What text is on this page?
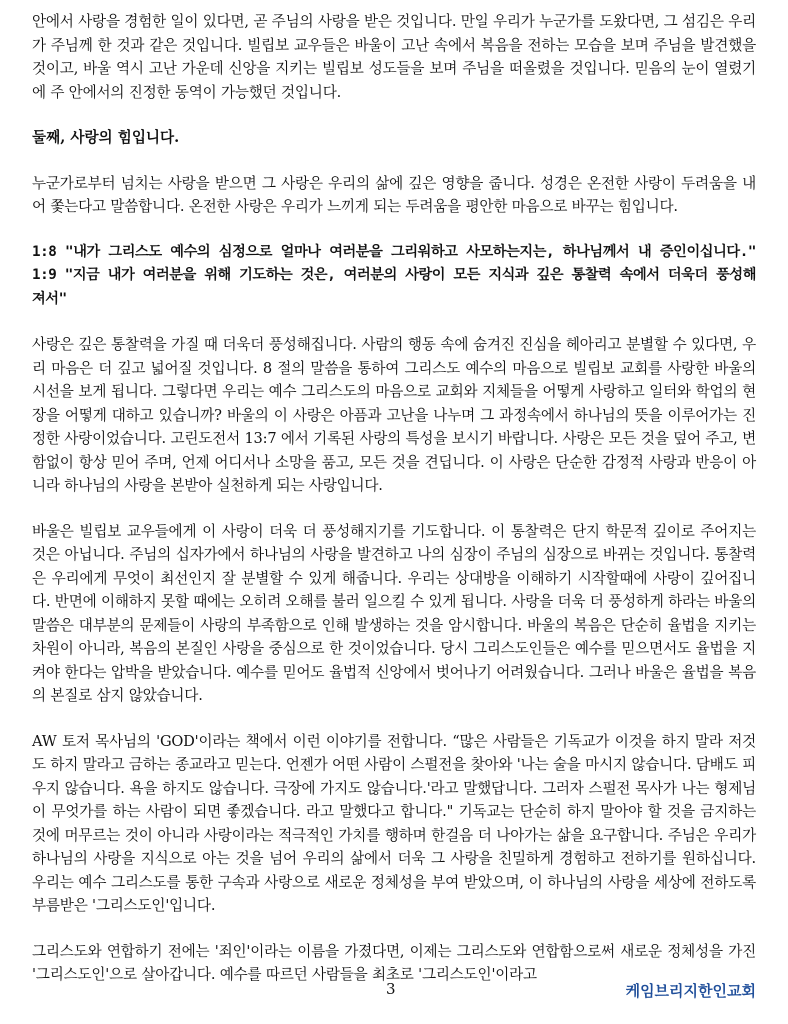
안에서 사랑을 경험한 일이 있다면, 곧 주님의 사랑을 받은 것입니다. 만일 우리가 누군가를 도왔다면, 그 섬김은 우리가 주님께 한 것과 같은 것입니다. 빌립보 교우들은 바울이 고난 속에서 복음을 전하는 모습을 보며 주님을 발견했을 것이고, 바울 역시 고난 가운데 신앙을 지키는 빌립보 성도들을 보며 주님을 떠올렸을 것입니다. 믿음의 눈이 열렸기에 주 안에서의 진정한 동역이 가능했던 것입니다.

둘째, 사랑의 힘입니다.

누군가로부터 넘치는 사랑을 받으면 그 사랑은 우리의 삶에 깊은 영향을 줍니다. 성경은 온전한 사랑이 두려움을 내어 쫓는다고 말씀합니다. 온전한 사랑은 우리가 느끼게 되는 두려움을 평안한 마음으로 바꾸는 힘입니다.

1:8 "내가 그리스도 예수의 심정으로 얼마나 여러분을 그리워하고 사모하는지는, 하나님께서 내 증인이십니다." 1:9 "지금 내가 여러분을 위해 기도하는 것은, 여러분의 사랑이 모든 지식과 깊은 통찰력 속에서 더욱더 풍성해져서"

사랑은 깊은 통찰력을 가질 때 더욱더 풍성해집니다. 사람의 행동 속에 숨겨진 진심을 헤아리고 분별할 수 있다면, 우리 마음은 더 깊고 넓어질 것입니다. 8 절의 말씀을 통하여 그리스도 예수의 마음으로 빌립보 교회를 사랑한 바울의 시선을 보게 됩니다. 그렇다면 우리는 예수 그리스도의 마음으로 교회와 지체들을 어떻게 사랑하고 일터와 학업의 현장을 어떻게 대하고 있습니까? 바울의 이 사랑은 아픔과 고난을 나누며 그 과정속에서 하나님의 뜻을 이루어가는 진정한 사랑이었습니다. 고린도전서 13:7 에서 기록된 사랑의 특성을 보시기 바랍니다. 사랑은 모든 것을 덮어 주고, 변함없이 항상 믿어 주며, 언제 어디서나 소망을 품고, 모든 것을 견딥니다. 이 사랑은 단순한 감정적 사랑과 반응이 아니라 하나님의 사랑을 본받아 실천하게 되는 사랑입니다.

바울은 빌립보 교우들에게 이 사랑이 더욱 더 풍성해지기를 기도합니다. 이 통찰력은 단지 학문적 깊이로 주어지는 것은 아닙니다. 주님의 십자가에서 하나님의 사랑을 발견하고 나의 심장이 주님의 심장으로 바뀌는 것입니다. 통찰력은 우리에게 무엇이 최선인지 잘 분별할 수 있게 해줍니다. 우리는 상대방을 이해하기 시작할때에 사랑이 깊어집니다. 반면에 이해하지 못할 때에는 오히려 오해를 불러 일으킬 수 있게 됩니다. 사랑을 더욱 더 풍성하게 하라는 바울의 말씀은 대부분의 문제들이 사랑의 부족함으로 인해 발생하는 것을 암시합니다. 바울의 복음은 단순히 율법을 지키는 차원이 아니라, 복음의 본질인 사랑을 중심으로 한 것이었습니다. 당시 그리스도인들은 예수를 믿으면서도 율법을 지켜야 한다는 압박을 받았습니다. 예수를 믿어도 율법적 신앙에서 벗어나기 어려웠습니다. 그러나 바울은 율법을 복음의 본질로 삼지 않았습니다.

AW 토저 목사님의 'GOD'이라는 책에서 이런 이야기를 전합니다. “많은 사람들은 기독교가 이것을 하지 말라 저것도 하지 말라고 금하는 종교라고 믿는다. 언젠가 어떤 사람이 스펄전을 찾아와 '나는 술을 마시지 않습니다. 담배도 피우지 않습니다. 욕을 하지도 않습니다. 극장에 가지도 않습니다.'라고 말했답니다. 그러자 스펄전 목사가 나는 형제님이 무엇가를 하는 사람이 되면 좋겠습니다. 라고 말했다고 합니다." 기독교는 단순히 하지 말아야 할 것을 금지하는 것에 머무르는 것이 아니라 사랑이라는 적극적인 가치를 행하며 한걸음 더 나아가는 삶을 요구합니다. 주님은 우리가 하나님의 사랑을 지식으로 아는 것을 넘어 우리의 삶에서 더욱 그 사랑을 친밀하게 경험하고 전하기를 원하십니다. 우리는 예수 그리스도를 통한 구속과 사랑으로 새로운 정체성을 부여 받았으며, 이 하나님의 사랑을 세상에 전하도록 부름받은 '그리스도인'입니다.

그리스도와 연합하기 전에는 '죄인'이라는 이름을 가졌다면, 이제는 그리스도와 연합함으로써 새로운 정체성을 가진 '그리스도인'으로 살아갑니다. 예수를 따르던 사람들을 최초로 '그리스도인'이라고

3	케임브리지한인교회
